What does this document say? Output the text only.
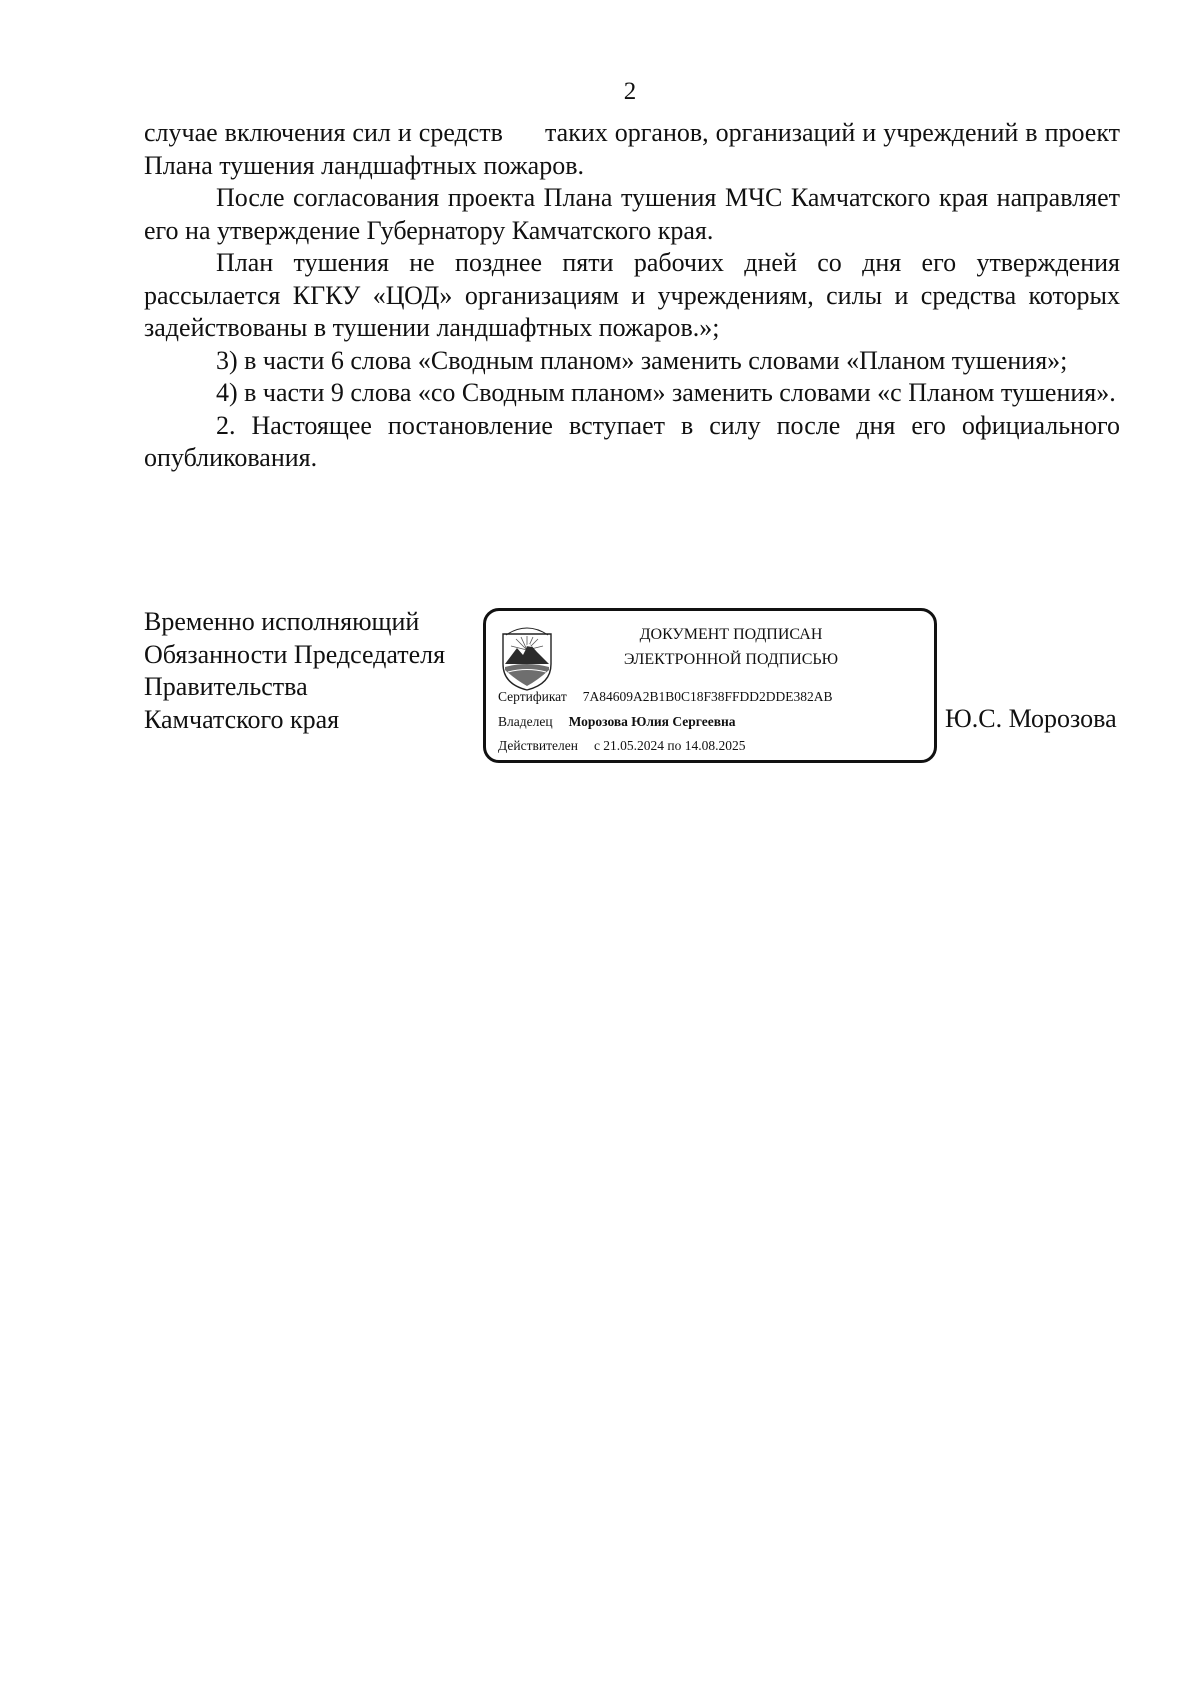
2

случае включения сил и средств      таких органов, организаций и учреждений в проект Плана тушения ландшафтных пожаров.

После согласования проекта Плана тушения МЧС Камчатского края направляет его на утверждение Губернатору Камчатского края.

План тушения не позднее пяти рабочих дней со дня его утверждения рассылается КГКУ «ЦОД» организациям и учреждениям, силы и средства которых задействованы в тушении ландшафтных пожаров.»;

3) в части 6 слова «Сводным планом» заменить словами «Планом тушения»;

4) в части 9 слова «со Сводным планом» заменить словами «с Планом тушения».

2. Настоящее постановление вступает в силу после дня его официального опубликования.

Временно исполняющий
Обязанности Председателя
Правительства
Камчатского края
ДОКУМЕНТ ПОДПИСАН
ЭЛЕКТРОННОЙ ПОДПИСЬЮ
Сертификат 7A84609A2B1B0C18F38FFDD2DDE382AB
Владелец Морозова Юлия Сергеевна
Действителен с 21.05.2024 по 14.08.2025
Ю.С. Морозова
